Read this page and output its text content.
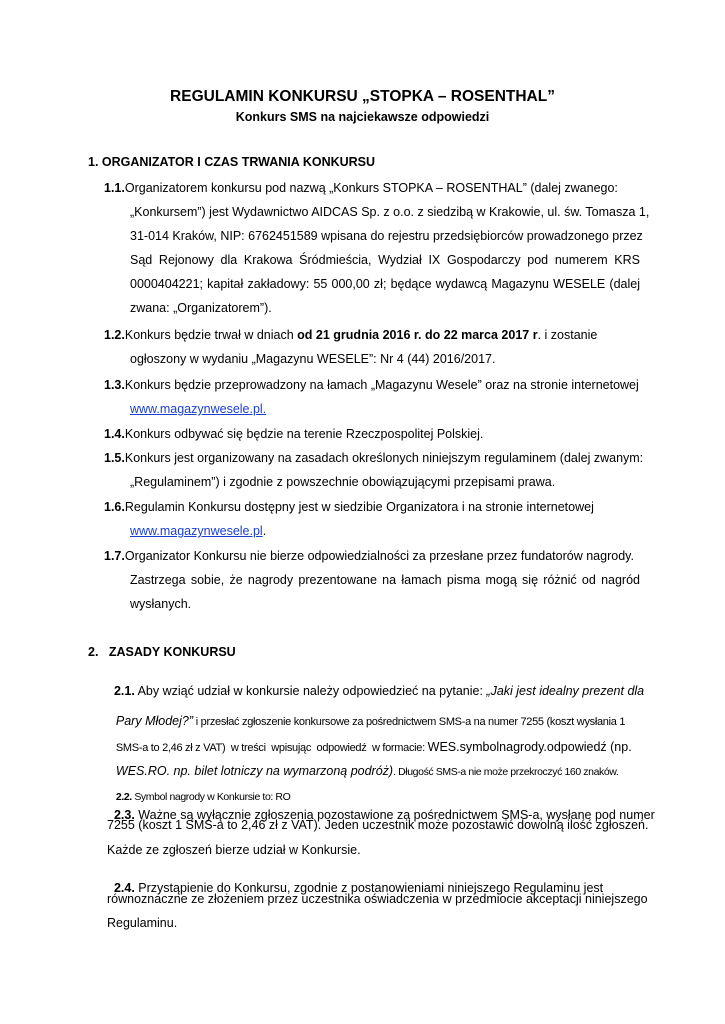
REGULAMIN KONKURSU „STOPKA – ROSENTHAL”
Konkurs SMS na najciekawsze odpowiedzi
1. ORGANIZATOR I CZAS TRWANIA KONKURSU
1.1.Organizatorem konkursu pod nazwą „Konkurs STOPKA – ROSENTHAL” (dalej zwanego:
„Konkursem”) jest Wydawnictwo AIDCAS Sp. z o.o. z siedzibą w Krakowie, ul. św. Tomasza 1,
31-014 Kraków, NIP: 6762451589 wpisana do rejestru przedsiębiorców prowadzonego przez
Sąd Rejonowy dla Krakowa Śródmieścia, Wydział IX Gospodarczy pod numerem KRS
0000404221; kapitał zakładowy: 55 000,00 zł; będące wydawcą Magazynu WESELE (dalej
zwana: „Organizatorem”).
1.2.Konkurs będzie trwał w dniach od 21 grudnia 2016 r. do 22 marca 2017 r. i zostanie
ogłoszony w wydaniu „Magazynu WESELE”: Nr 4 (44) 2016/2017.
1.3.Konkurs będzie przeprowadzony na łamach „Magazynu Wesele” oraz na stronie internetowej
www.magazynwesele.pl.
1.4.Konkurs odbywać się będzie na terenie Rzeczpospolitej Polskiej.
1.5.Konkurs jest organizowany na zasadach określonych niniejszym regulaminem (dalej zwanym:
„Regulaminem”) i zgodnie z powszechnie obowiązującymi przepisami prawa.
1.6.Regulamin Konkursu dostępny jest w siedzibie Organizatora i na stronie internetowej
www.magazynwesele.pl.
1.7.Organizator Konkursu nie bierze odpowiedzialności za przesłane przez fundatorów nagrody.
Zastrzega sobie, że nagrody prezentowane na łamach pisma mogą się różnić od nagród
wysłanych.
2.   ZASADY KONKURSU

2.1. Aby wziąć udział w konkursie należy odpowiedzieć na pytanie: „Jaki jest idealny prezent dla

Pary Młodej?” i przesłać zgłoszenie konkursowe za pośrednictwem SMS-a na numer 7255 (koszt wysłania 1

SMS-a to 2,46 zł z VAT)  w treści  wpisując  odpowiedź  w formacie: WES.symbolnagrody.odpowiedź (np.

WES.RO. np. bilet lotniczy na wymarzoną podróż). Długość SMS-a nie może przekroczyć 160 znaków.

2.2. Symbol nagrody w Konkursie to: RO

2.3. Ważne są wyłącznie zgłoszenia pozostawione za pośrednictwem SMS-a, wysłane pod numer

7255 (koszt 1 SMS-a to 2,46 zł z VAT). Jeden uczestnik może pozostawić dowolną ilość zgłoszeń.
Każde ze zgłoszeń bierze udział w Konkursie.

2.4. Przystąpienie do Konkursu, zgodnie z postanowieniami niniejszego Regulaminu jest

równoznaczne ze złożeniem przez uczestnika oświadczenia w przedmiocie akceptacji niniejszego
Regulaminu.
